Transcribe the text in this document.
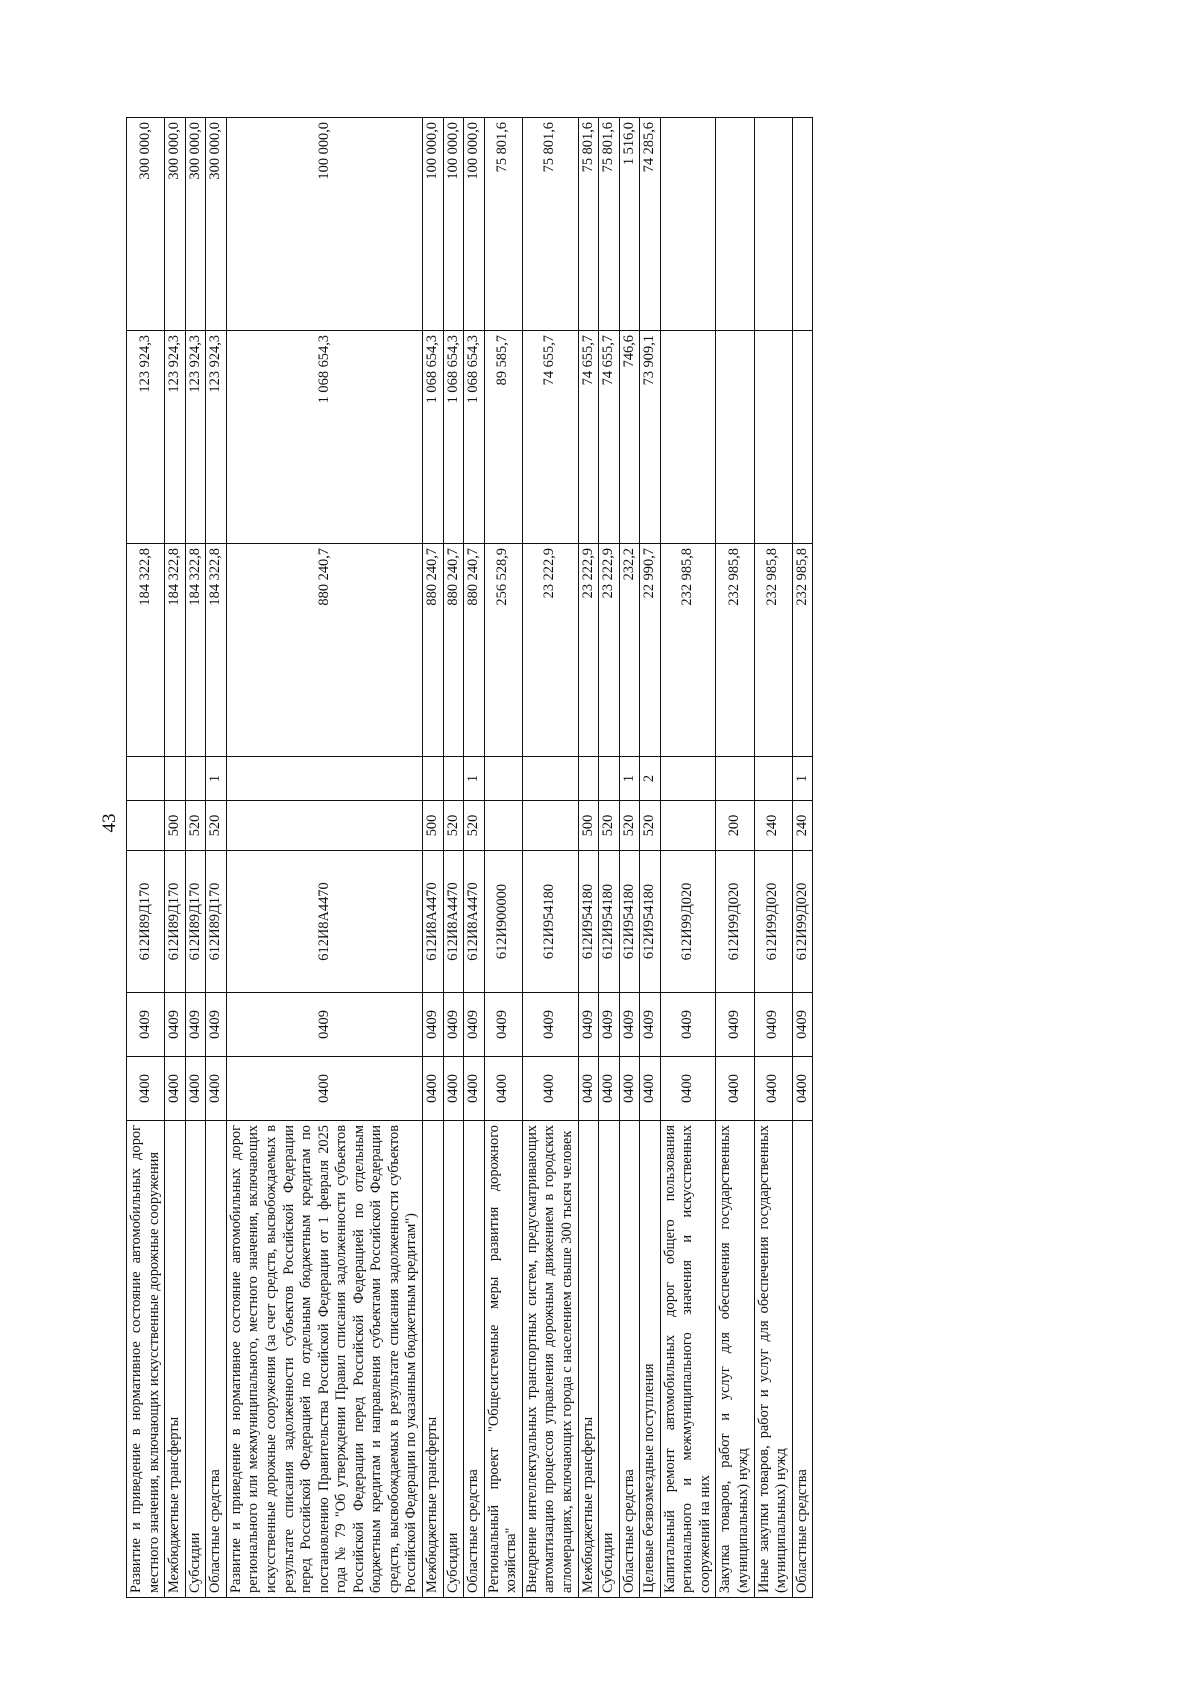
43
Развитие и приведение в нормативное состояние автомобильных дорог местного значения, включающих искусственные дорожные сооружения	0400	0409	612И89Д170			184 322,8	123 924,3	300 000,0
Межбюджетные трансферты	0400	0409	612И89Д170	500		184 322,8	123 924,3	300 000,0
Субсидии	0400	0409	612И89Д170	520		184 322,8	123 924,3	300 000,0
Областные средства	0400	0409	612И89Д170	520	1	184 322,8	123 924,3	300 000,0
Развитие и приведение в нормативное состояние автомобильных дорог регионального или межмуниципального, местного значения, включающих искусственные дорожные сооружения (за счет средств, высвобождаемых в результате списания задолженности субъектов Российской Федерации перед Российской Федерацией по отдельным бюджетным кредитам по постановлению Правительства Российской Федерации от 1 февраля 2025 года № 79 "Об утверждении Правил списания задолженности субъектов Российской Федерации перед Российской Федерацией по отдельным бюджетным кредитам и направления субъектами Российской Федерации средств, высвобождаемых в результате списания задолженности субъектов Российской Федерации по указанным бюджетным кредитам")	0400	0409	612И8А4470			880 240,7	1 068 654,3	100 000,0
Межбюджетные трансферты	0400	0409	612И8А4470	500		880 240,7	1 068 654,3	100 000,0
Субсидии	0400	0409	612И8А4470	520		880 240,7	1 068 654,3	100 000,0
Областные средства	0400	0409	612И8А4470	520	1	880 240,7	1 068 654,3	100 000,0
Региональный проект "Общесистемные меры развития дорожного хозяйства"	0400	0409	612И900000			256 528,9	89 585,7	75 801,6
Внедрение интеллектуальных транспортных систем, предусматривающих автоматизацию процессов управления дорожным движением в городских агломерациях, включающих города с населением свыше 300 тысяч человек	0400	0409	612И954180			23 222,9	74 655,7	75 801,6
Межбюджетные трансферты	0400	0409	612И954180	500		23 222,9	74 655,7	75 801,6
Субсидии	0400	0409	612И954180	520		23 222,9	74 655,7	75 801,6
Областные средства	0400	0409	612И954180	520	1	232,2	746,6	1 516,0
Целевые безвозмездные поступления	0400	0409	612И954180	520	2	22 990,7	73 909,1	74 285,6
Капитальный ремонт автомобильных дорог общего пользования регионального и межмуниципального значения и искусственных сооружений на них	0400	0409	612И99Д020			232 985,8		
Закупка товаров, работ и услуг для обеспечения государственных (муниципальных) нужд	0400	0409	612И99Д020	200		232 985,8		
Иные закупки товаров, работ и услуг для обеспечения государственных (муниципальных) нужд	0400	0409	612И99Д020	240		232 985,8		
Областные средства	0400	0409	612И99Д020	240	1	232 985,8		
